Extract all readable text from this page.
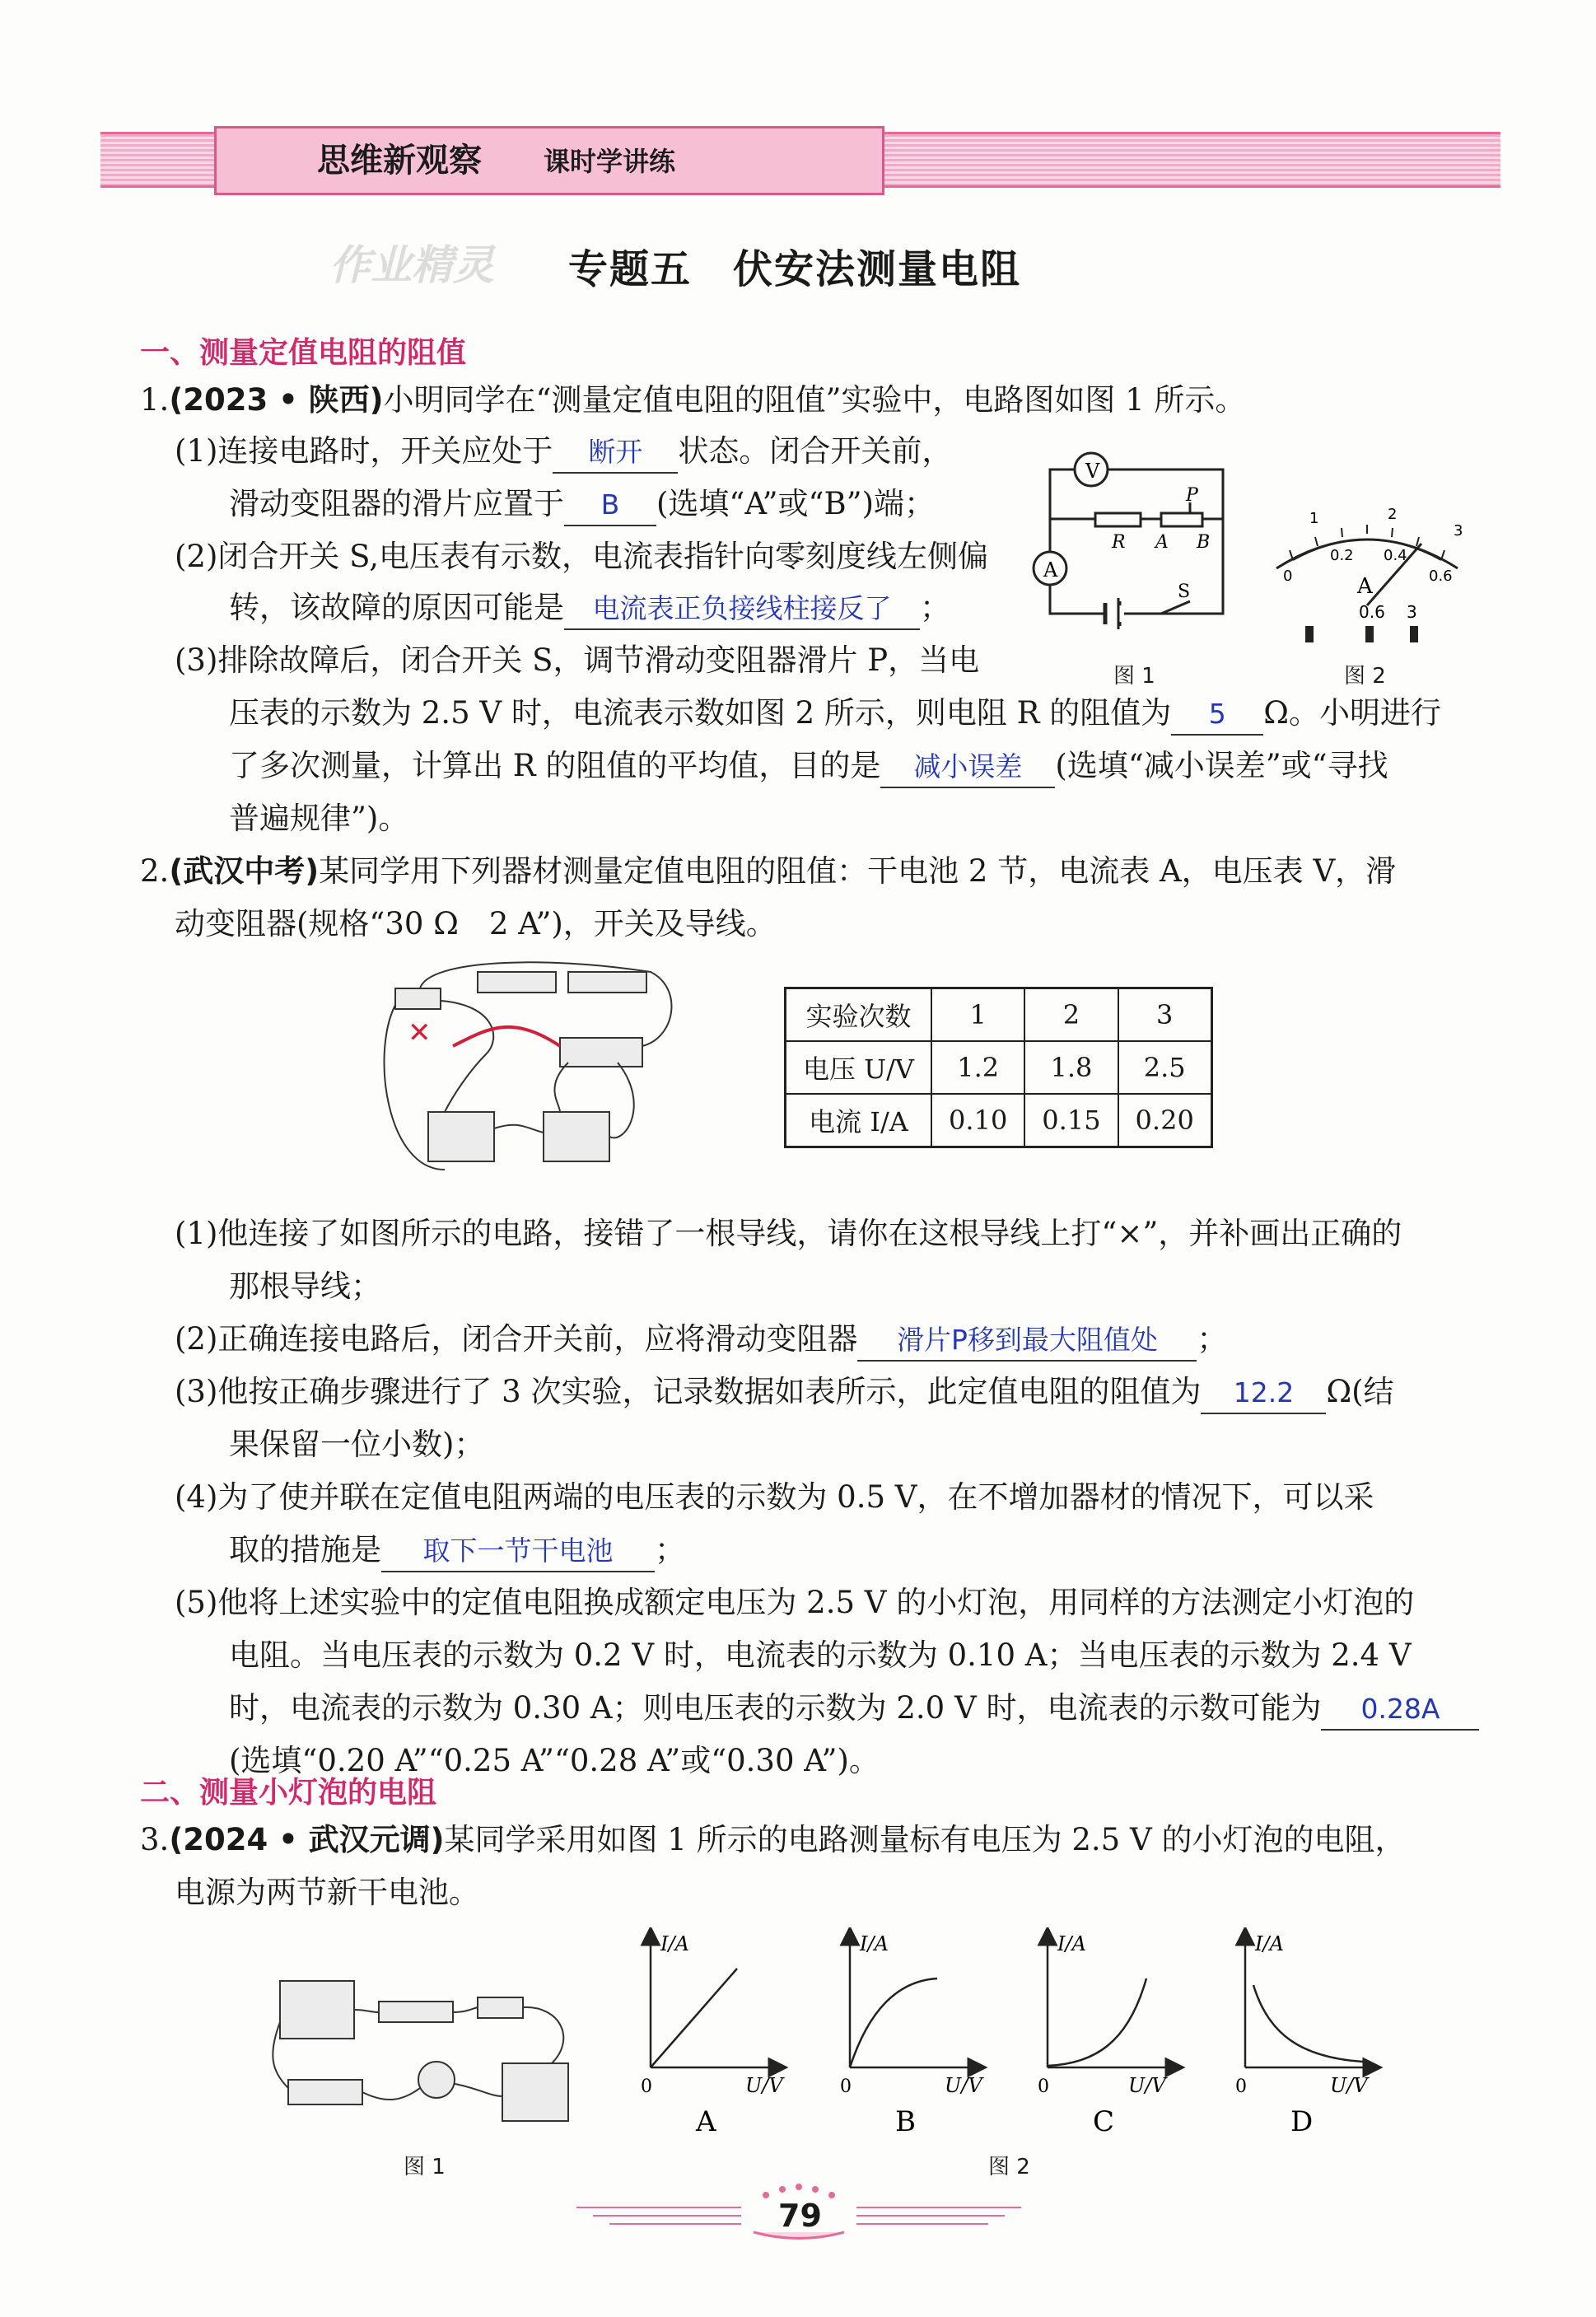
思维新观察 课时学讲练
作业精灵 专题五　伏安法测量电阻
一、测量定值电阻的阻值
1.(2023 • 陕西)小明同学在“测量定值电阻的阻值”实验中，电路图如图 1 所示。
(1)连接电路时，开关应处于 断开 状态。闭合开关前，
滑动变阻器的滑片应置于 B (选填“A”或“B”)端；
(2)闭合开关 S,电压表有示数，电流表指针向零刻度线左侧偏
转，该故障的原因可能是 电流表正负接线柱接反了 ；
(3)排除故障后，闭合开关 S，调节滑动变阻器滑片 P，当电
压表的示数为 2.5 V 时，电流表示数如图 2 所示，则电阻 R 的阻值为 5 Ω。小明进行
了多次测量，计算出 R 的阻值的平均值，目的是 减小误差 (选填“减小误差”或“寻找
普遍规律”)。
V
A
R
P
A B
S
图 1
0
0.2 0.4
0.6
1	2
3
A
0.6 3
图 2
2.(武汉中考)某同学用下列器材测量定值电阻的阻值：干电池 2 节，电流表 A，电压表 V，滑
动变阻器(规格“30 Ω　2 A”)，开关及导线。
✕	实验次数	1	2	3
电压 U/V	1.2	1.8	2.5
电流 I/A	0.10	0.15	0.20
(1)他连接了如图所示的电路，接错了一根导线，请你在这根导线上打“×”，并补画出正确的
那根导线；
(2)正确连接电路后，闭合开关前，应将滑动变阻器 滑片P移到最大阻值处 ；
(3)他按正确步骤进行了 3 次实验，记录数据如表所示，此定值电阻的阻值为 12.2 Ω(结
果保留一位小数)；
(4)为了使并联在定值电阻两端的电压表的示数为 0.5 V，在不增加器材的情况下，可以采
取的措施是 取下一节干电池 ；
(5)他将上述实验中的定值电阻换成额定电压为 2.5 V 的小灯泡，用同样的方法测定小灯泡的
电阻。当电压表的示数为 0.2 V 时，电流表的示数为 0.10 A；当电压表的示数为 2.4 V
时，电流表的示数为 0.30 A；则电压表的示数为 2.0 V 时，电流表的示数可能为 0.28A
(选填“0.20 A”“0.25 A”“0.28 A”或“0.30 A”)。
二、测量小灯泡的电阻
3.(2024 • 武汉元调)某同学采用如图 1 所示的电路测量标有电压为 2.5 V 的小灯泡的电阻，
电源为两节新干电池。
图 1
I/A
U/V
0
A
I/A
U/V
0
B
I/A
U/V
0
C
I/A
U/V
0
D
图 2
79
